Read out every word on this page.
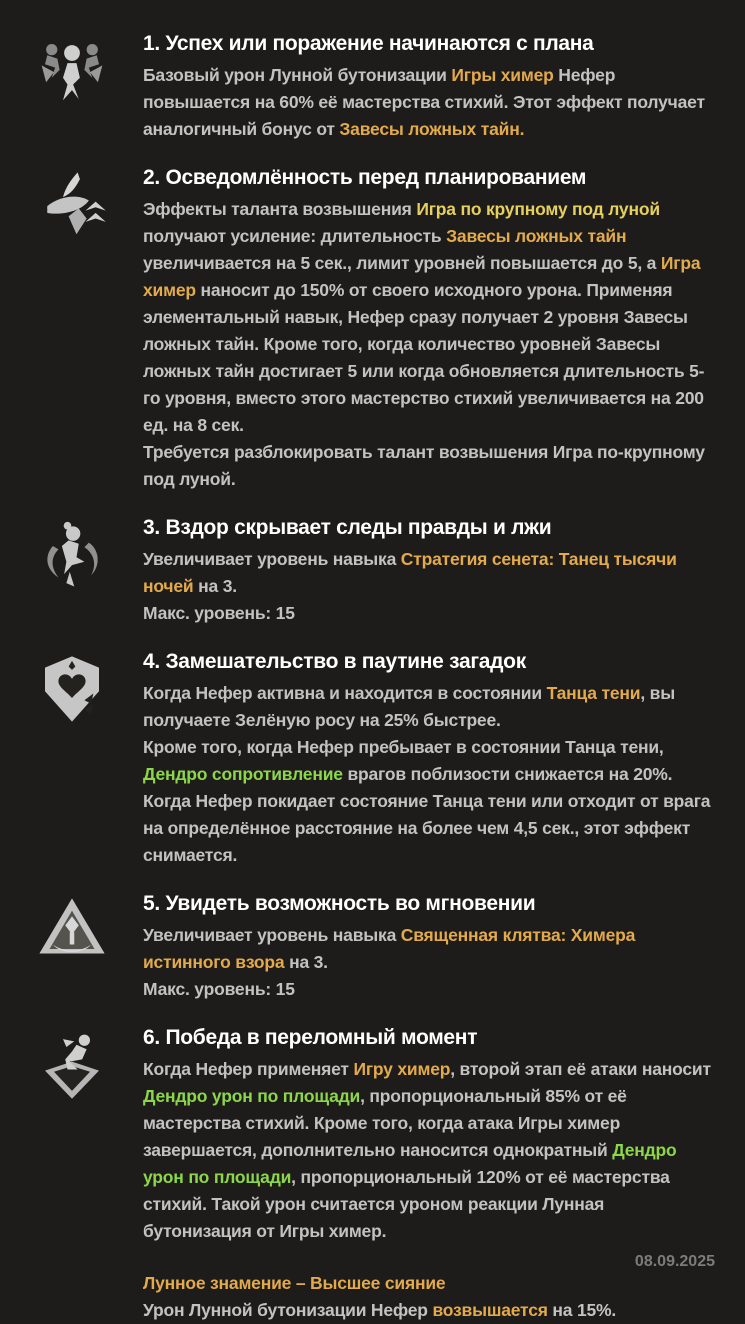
1. Успех или поражение начинаются с плана

Базовый урон Лунной бутонизации Игры химер Нефер повышается на 60% её мастерства стихий. Этот эффект получает аналогичный бонус от Завесы ложных тайн.

2. Осведомлённость перед планированием

Эффекты таланта возвышения Игра по крупному под луной получают усиление: длительность Завесы ложных тайн увеличивается на 5 сек., лимит уровней повышается до 5, а Игра химер наносит до 150% от своего исходного урона. Применяя элементальный навык, Нефер сразу получает 2 уровня Завесы ложных тайн. Кроме того, когда количество уровней Завесы ложных тайн достигает 5 или когда обновляется длительность 5-го уровня, вместо этого мастерство стихий увеличивается на 200 ед. на 8 сек.

Требуется разблокировать талант возвышения Игра по-крупному под луной.

3. Вздор скрывает следы правды и лжи

Увеличивает уровень навыка Стратегия сенета: Танец тысячи ночей на 3.

Макс. уровень: 15

4. Замешательство в паутине загадок

Когда Нефер активна и находится в состоянии Танца тени, вы получаете Зелёную росу на 25% быстрее.

Кроме того, когда Нефер пребывает в состоянии Танца тени, Дендро сопротивление врагов поблизости снижается на 20%.

Когда Нефер покидает состояние Танца тени или отходит от врага на определённое расстояние на более чем 4,5 сек., этот эффект снимается.

5. Увидеть возможность во мгновении

Увеличивает уровень навыка Священная клятва: Химера истинного взора на 3.

Макс. уровень: 15

6. Победа в переломный момент

Когда Нефер применяет Игру химер, второй этап её атаки наносит Дендро урон по площади, пропорциональный 85% от её мастерства стихий. Кроме того, когда атака Игры химер завершается, дополнительно наносится однократный Дендро урон по площади, пропорциональный 120% от её мастерства стихий. Такой урон считается уроном реакции Лунная бутонизация от Игры химер.

Лунное знамение – Высшее сияние

Урон Лунной бутонизации Нефер возвышается на 15%.

08.09.2025
